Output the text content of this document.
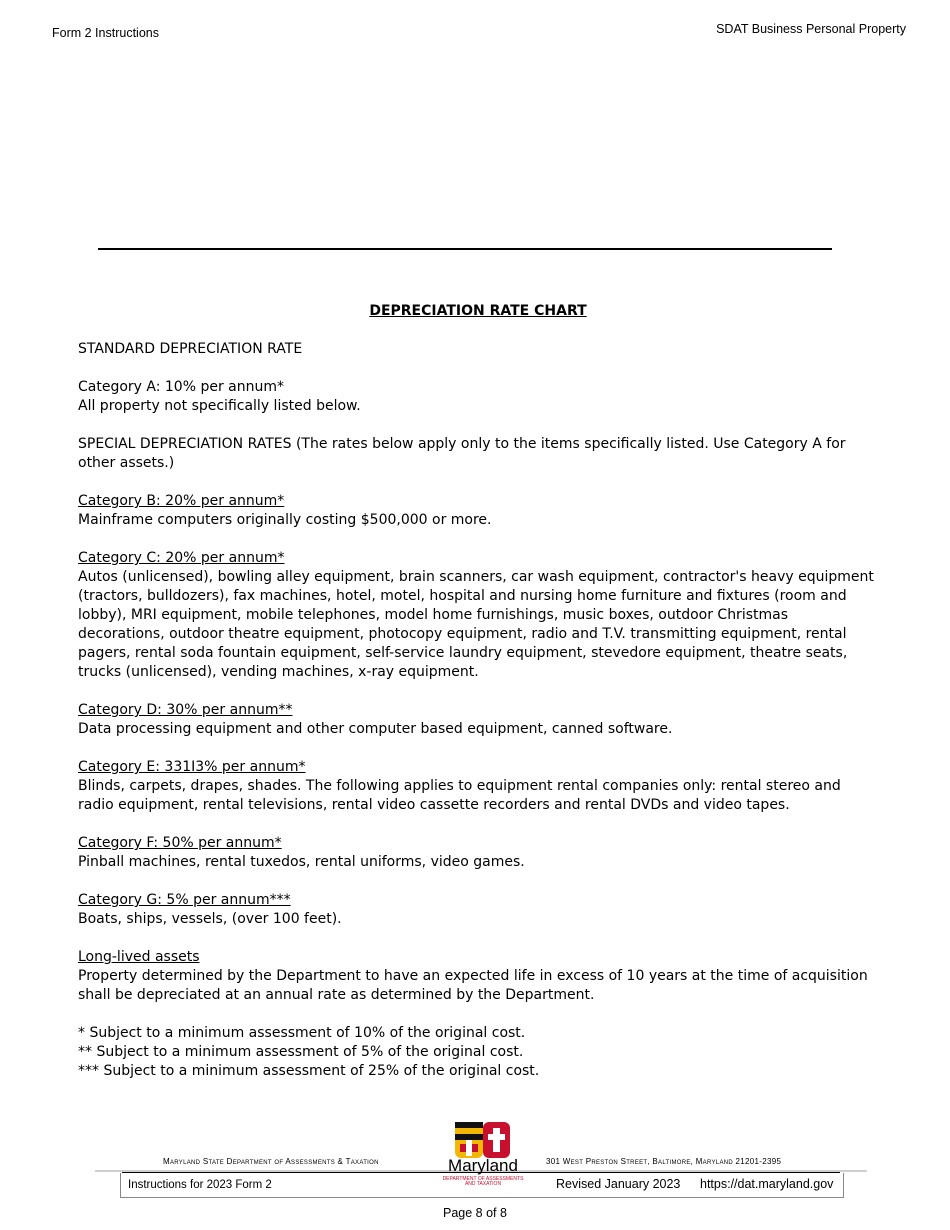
Form 2 Instructions	SDAT Business Personal Property
DEPRECIATION RATE CHART

STANDARD DEPRECIATION RATE

Category A: 10% per annum*
All property not specifically listed below.

SPECIAL DEPRECIATION RATES (The rates below apply only to the items specifically listed. Use Category A for other assets.)

Category B: 20% per annum*
Mainframe computers originally costing $500,000 or more.

Category C: 20% per annum*
Autos (unlicensed), bowling alley equipment, brain scanners, car wash equipment, contractor's heavy equipment (tractors, bulldozers), fax machines, hotel, motel, hospital and nursing home furniture and fixtures (room and lobby), MRI equipment, mobile telephones, model home furnishings, music boxes, outdoor Christmas decorations, outdoor theatre equipment, photocopy equipment, radio and T.V. transmitting equipment, rental pagers, rental soda fountain equipment, self-service laundry equipment, stevedore equipment, theatre seats, trucks (unlicensed), vending machines, x-ray equipment.

Category D: 30% per annum**
Data processing equipment and other computer based equipment, canned software.

Category E: 331I3% per annum*
Blinds, carpets, drapes, shades. The following applies to equipment rental companies only: rental stereo and radio equipment, rental televisions, rental video cassette recorders and rental DVDs and video tapes.

Category F: 50% per annum*
Pinball machines, rental tuxedos, rental uniforms, video games.

Category G: 5% per annum***
Boats, ships, vessels, (over 100 feet).

Long-lived assets
Property determined by the Department to have an expected life in excess of 10 years at the time of acquisition shall be depreciated at an annual rate as determined by the Department.

* Subject to a minimum assessment of 10% of the original cost.
** Subject to a minimum assessment of 5% of the original cost.
*** Subject to a minimum assessment of 25% of the original cost.
Maryland State Department of Assessments & Taxation	301 West Preston Street, Baltimore, Maryland 21201-2395
Maryland
DEPARTMENT OF ASSESSMENTS AND TAXATION
Instructions for 2023 Form 2	Revised January 2023 https://dat.maryland.gov
Page 8 of 8
